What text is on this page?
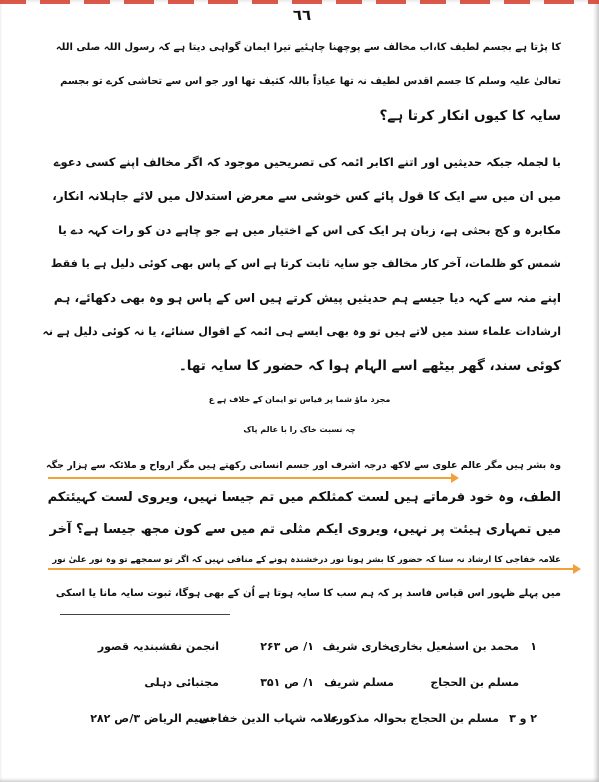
٦٦
کا پڑتا ہے بجسم لطیف کا،اب مخالف سے پوچھنا چاہئیے تیرا ایمان گواہی دیتا ہے کہ رسول اللہ صلی اللہ
تعالیٰ علیہ وسلم کا جسم اقدس لطیف نہ تھا عیاذاً باللہ کثیف تھا اور جو اس سے تحاشی کرے تو بجسم
سایہ کا کیوں انکار کرتا ہے؟
با لجملہ جبکہ حدیثیں اور اتنے اکابر ائمہ کی تصریحیں موجود کہ اگر مخالف اپنے کسی دعوے
میں ان میں سے ایک کا قول پائے کس خوشی سے معرض استدلال میں لائے جاہلانہ انکار،
مکابرہ و کج بحثی ہے، زبان ہر ایک کی اس کے اختیار میں ہے جو چاہے دن کو رات کہہ دے یا
شمس کو ظلمات، آخر کار مخالف جو سایہ ثابت کرتا ہے اس کے پاس بھی کوئی دلیل ہے یا فقط
اپنے منہ سے کہہ دیا جیسے ہم حدیثیں پیش کرتے ہیں اس کے پاس ہو وہ بھی دکھائے، ہم
ارشادات علماء سند میں لاتے ہیں تو وہ بھی ایسے ہی ائمہ کے اقوال سنائے، یا نہ کوئی دلیل ہے نہ
کوئی سند، گھر بیٹھے اسے الہام ہوا کہ حضور کا سایہ تھا۔
مجرد ماؤ شما پر قیاس تو ایمان کے خلاف ہے ع
چہ نسبت خاک را با عالم پاک
وہ بشر ہیں مگر عالم علوی سے لاکھ درجہ اشرف اور جسم انسانی رکھتے ہیں مگر ارواح و ملائکہ سے ہزار جگہ
الطف، وہ خود فرماتے ہیں لست کمثلکم میں تم جیسا نہیں، ویروی لست کہیئتکم
میں تمہاری ہیئت پر نہیں، ویروی ایکم مثلی تم میں سے کون مجھ جیسا ہے؟ آخر
علامہ خفاجی کا ارشاد نہ سنا کہ حضور کا بشر ہونا نور درخشندہ ہونے کے منافی نہیں کہ اگر تو سمجھے تو وہ نور علیٰ نور
میں پہلے ظہور اس قیاس فاسد پر کہ ہم سب کا سایہ ہوتا ہے اُن کے بھی ہوگا، ثبوت سایہ مانا یا اسکی
محمد بن اسمٰعیل بخاری
بخاری شریف
۱/
ص ۲۶۳
انجمن نقشبندیہ قصور	۱
مسلم بن الحجاج
مسلم شریف
۱/
ص ۳۵۱
مجتبائی دہلی
۲ و ۳
مسلم بن الحجاج بحوالہ مذکورہ
علامہ شہاب الدین خفاجی
نسیم الریاض ۳/
ص ۲۸۲
